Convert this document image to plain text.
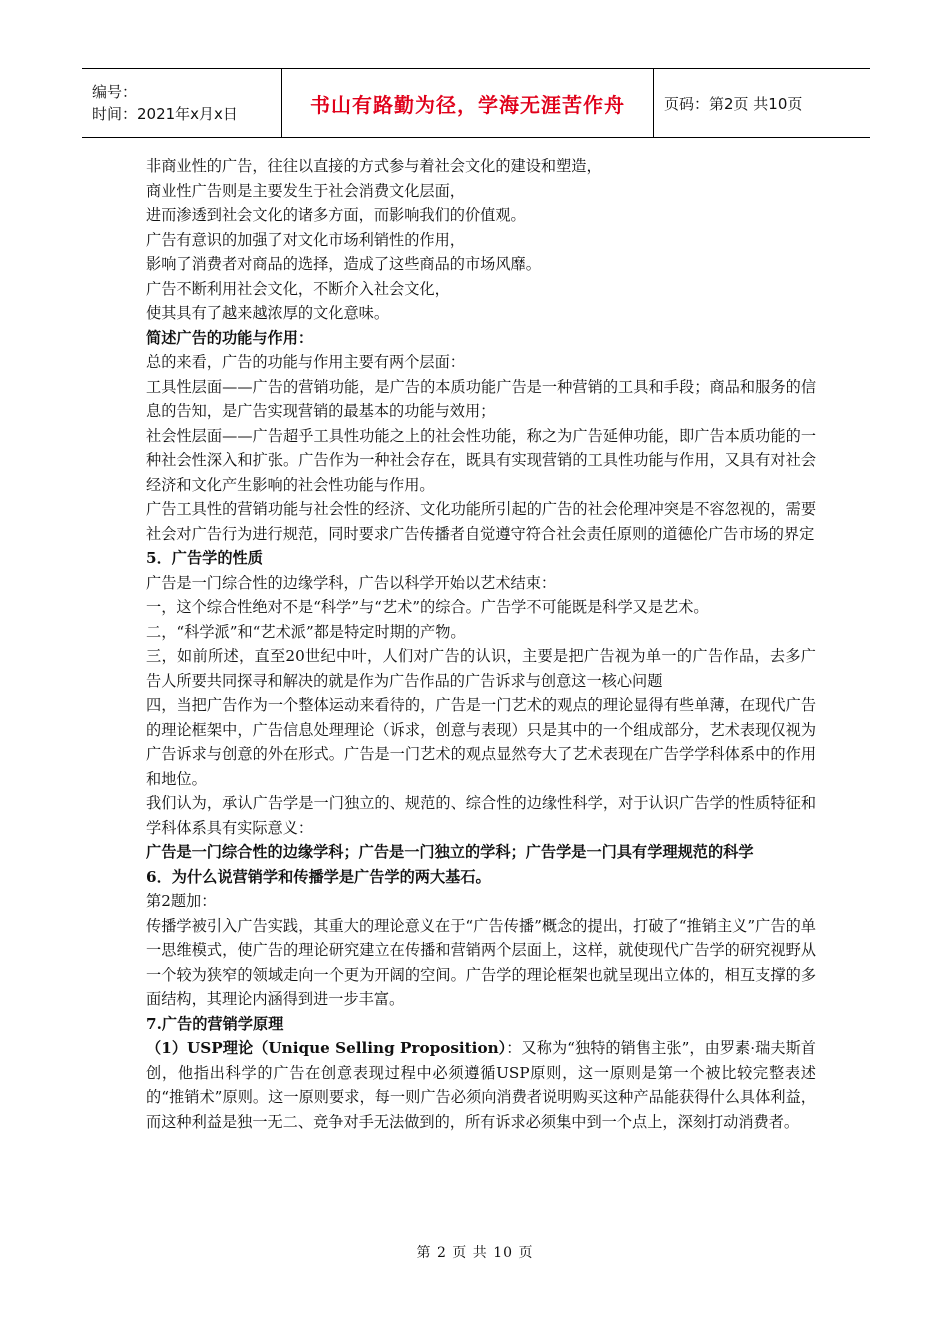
编号：
时间：2021年x月x日	书山有路勤为径，学海无涯苦作舟	页码：第2页 共10页

非商业性的广告，往往以直接的方式参与着社会文化的建设和塑造，

商业性广告则是主要发生于社会消费文化层面，

进而渗透到社会文化的诸多方面，而影响我们的价值观。

广告有意识的加强了对文化市场利销性的作用，

影响了消费者对商品的选择，造成了这些商品的市场风靡。

广告不断利用社会文化，不断介入社会文化，

使其具有了越来越浓厚的文化意味。

简述广告的功能与作用：

总的来看，广告的功能与作用主要有两个层面：

工具性层面——广告的营销功能，是广告的本质功能广告是一种营销的工具和手段；商品和服务的信息的告知，是广告实现营销的最基本的功能与效用；

社会性层面——广告超乎工具性功能之上的社会性功能，称之为广告延伸功能，即广告本质功能的一种社会性深入和扩张。广告作为一种社会存在，既具有实现营销的工具性功能与作用，又具有对社会经济和文化产生影响的社会性功能与作用。

广告工具性的营销功能与社会性的经济、文化功能所引起的广告的社会伦理冲突是不容忽视的，需要社会对广告行为进行规范，同时要求广告传播者自觉遵守符合社会责任原则的道德伦广告市场的界定

5．广告学的性质

广告是一门综合性的边缘学科，广告以科学开始以艺术结束：

一，这个综合性绝对不是“科学”与“艺术”的综合。广告学不可能既是科学又是艺术。

二，“科学派”和“艺术派”都是特定时期的产物。

三，如前所述，直至20世纪中叶，人们对广告的认识，主要是把广告视为单一的广告作品，去多广告人所要共同探寻和解决的就是作为广告作品的广告诉求与创意这一核心问题

四，当把广告作为一个整体运动来看待的，广告是一门艺术的观点的理论显得有些单薄，在现代广告的理论框架中，广告信息处理理论（诉求，创意与表现）只是其中的一个组成部分，艺术表现仅视为广告诉求与创意的外在形式。广告是一门艺术的观点显然夸大了艺术表现在广告学学科体系中的作用和地位。

我们认为，承认广告学是一门独立的、规范的、综合性的边缘性科学，对于认识广告学的性质特征和学科体系具有实际意义：

广告是一门综合性的边缘学科；广告是一门独立的学科；广告学是一门具有学理规范的科学

6．为什么说营销学和传播学是广告学的两大基石。

第2题加：

传播学被引入广告实践，其重大的理论意义在于“广告传播”概念的提出，打破了“推销主义”广告的单一思维模式，使广告的理论研究建立在传播和营销两个层面上，这样，就使现代广告学的研究视野从一个较为狭窄的领域走向一个更为开阔的空间。广告学的理论框架也就呈现出立体的，相互支撑的多面结构，其理论内涵得到进一步丰富。

7.广告的营销学原理

（1）USP理论（Unique Selling Proposition）：又称为“独特的销售主张”，由罗素·瑞夫斯首创，他指出科学的广告在创意表现过程中必须遵循USP原则，这一原则是第一个被比较完整表述的“推销术”原则。这一原则要求，每一则广告必须向消费者说明购买这种产品能获得什么具体利益，而这种利益是独一无二、竞争对手无法做到的，所有诉求必须集中到一个点上，深刻打动消费者。

第 2 页 共 10 页
